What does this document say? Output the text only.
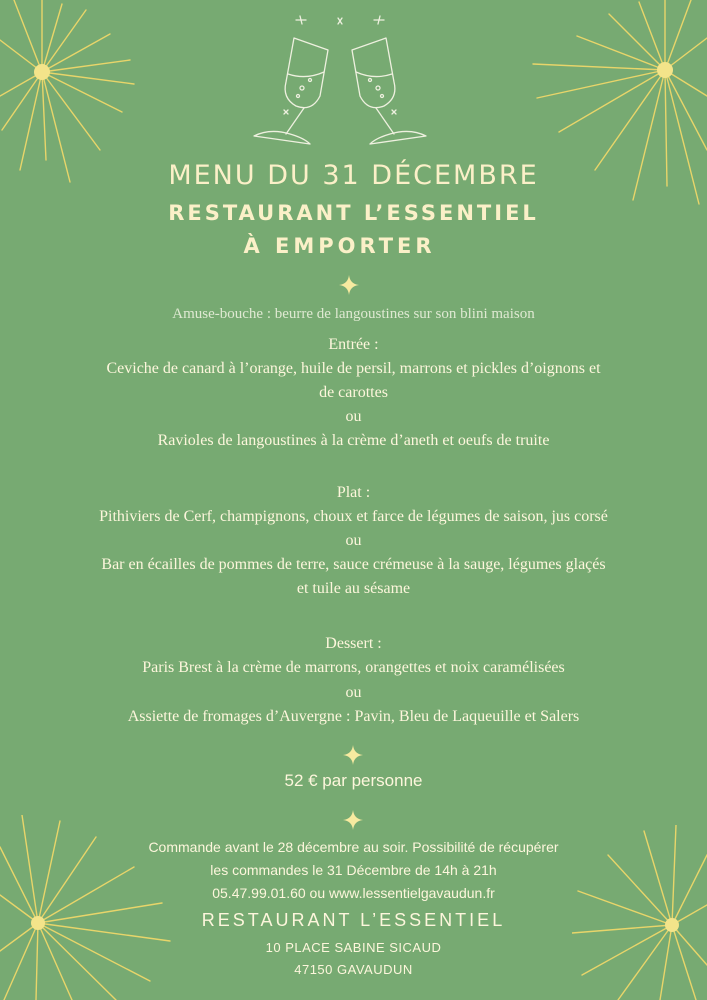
MENU DU 31 DÉCEMBRE
RESTAURANT L’ESSENTIEL
À EMPORTER
Amuse-bouche : beurre de langoustines sur son blini maison
Entrée :
Ceviche de canard à l’orange, huile de persil, marrons et pickles d’oignons et
de carottes
ou
Ravioles de langoustines à la crème d’aneth et oeufs de truite
Plat :
Pithiviers de Cerf, champignons, choux et farce de légumes de saison, jus corsé
ou
Bar en écailles de pommes de terre, sauce crémeuse à la sauge, légumes glaçés
et tuile au sésame
Dessert :
Paris Brest à la crème de marrons, orangettes et noix caramélisées
ou
Assiette de fromages d’Auvergne : Pavin, Bleu de Laqueuille et Salers
52 € par personne
Commande avant le 28 décembre au soir. Possibilité de récupérer
les commandes le 31 Décembre de 14h à 21h
05.47.99.01.60 ou www.lessentielgavaudun.fr
RESTAURANT L’ESSENTIEL
10 PLACE SABINE SICAUD
47150 GAVAUDUN
